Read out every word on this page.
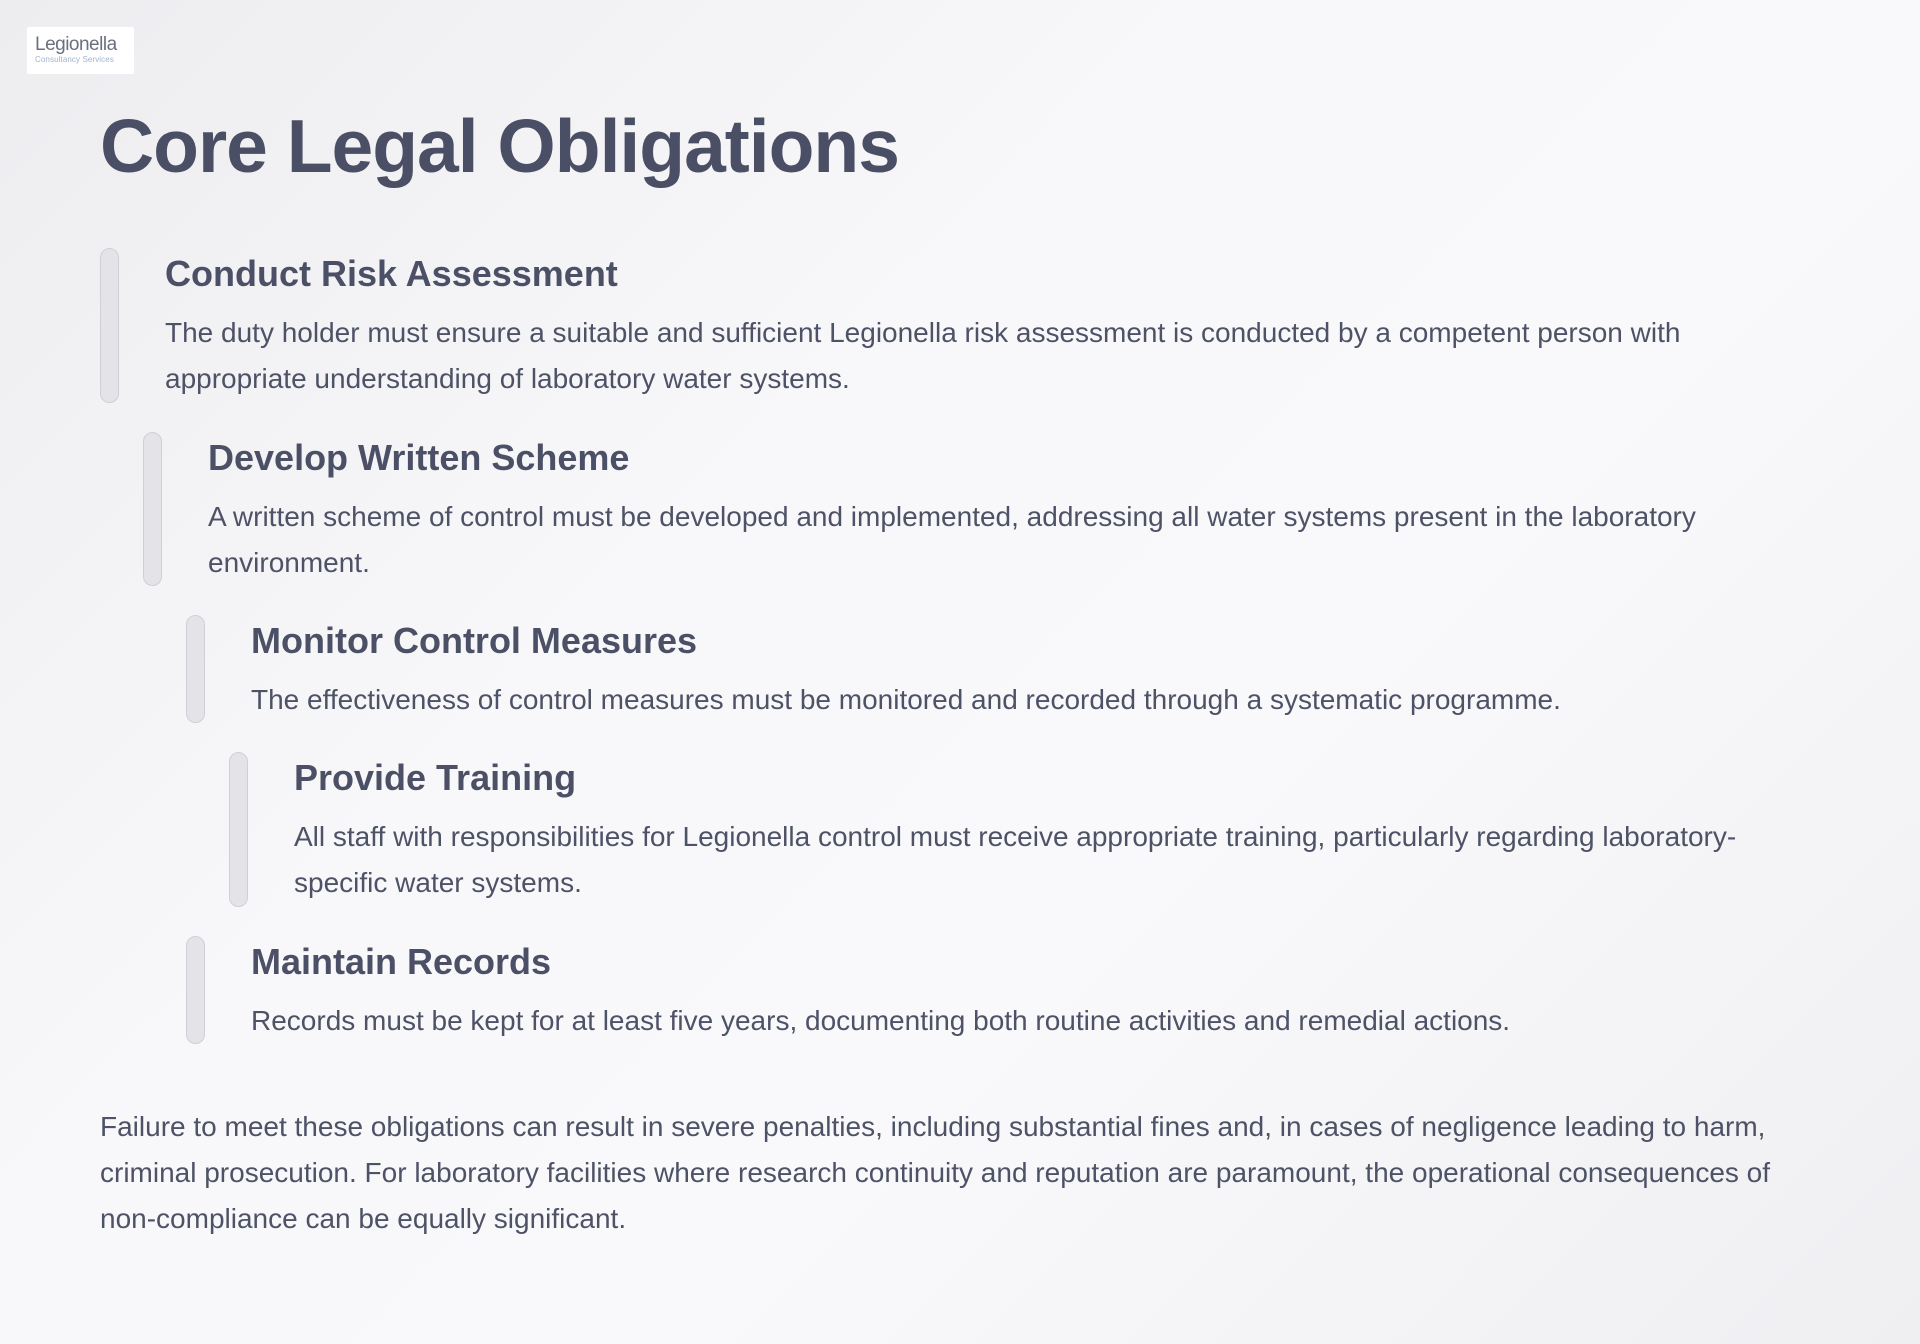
Legionella
Consultancy Services
Core Legal Obligations
Conduct Risk Assessment

The duty holder must ensure a suitable and sufficient Legionella risk assessment is conducted by a competent person with appropriate understanding of laboratory water systems.

Develop Written Scheme

A written scheme of control must be developed and implemented, addressing all water systems present in the laboratory environment.

Monitor Control Measures

The effectiveness of control measures must be monitored and recorded through a systematic programme.

Provide Training

All staff with responsibilities for Legionella control must receive appropriate training, particularly regarding laboratory-specific water systems.

Maintain Records

Records must be kept for at least five years, documenting both routine activities and remedial actions.

Failure to meet these obligations can result in severe penalties, including substantial fines and, in cases of negligence leading to harm, criminal prosecution. For laboratory facilities where research continuity and reputation are paramount, the operational consequences of non-compliance can be equally significant.
